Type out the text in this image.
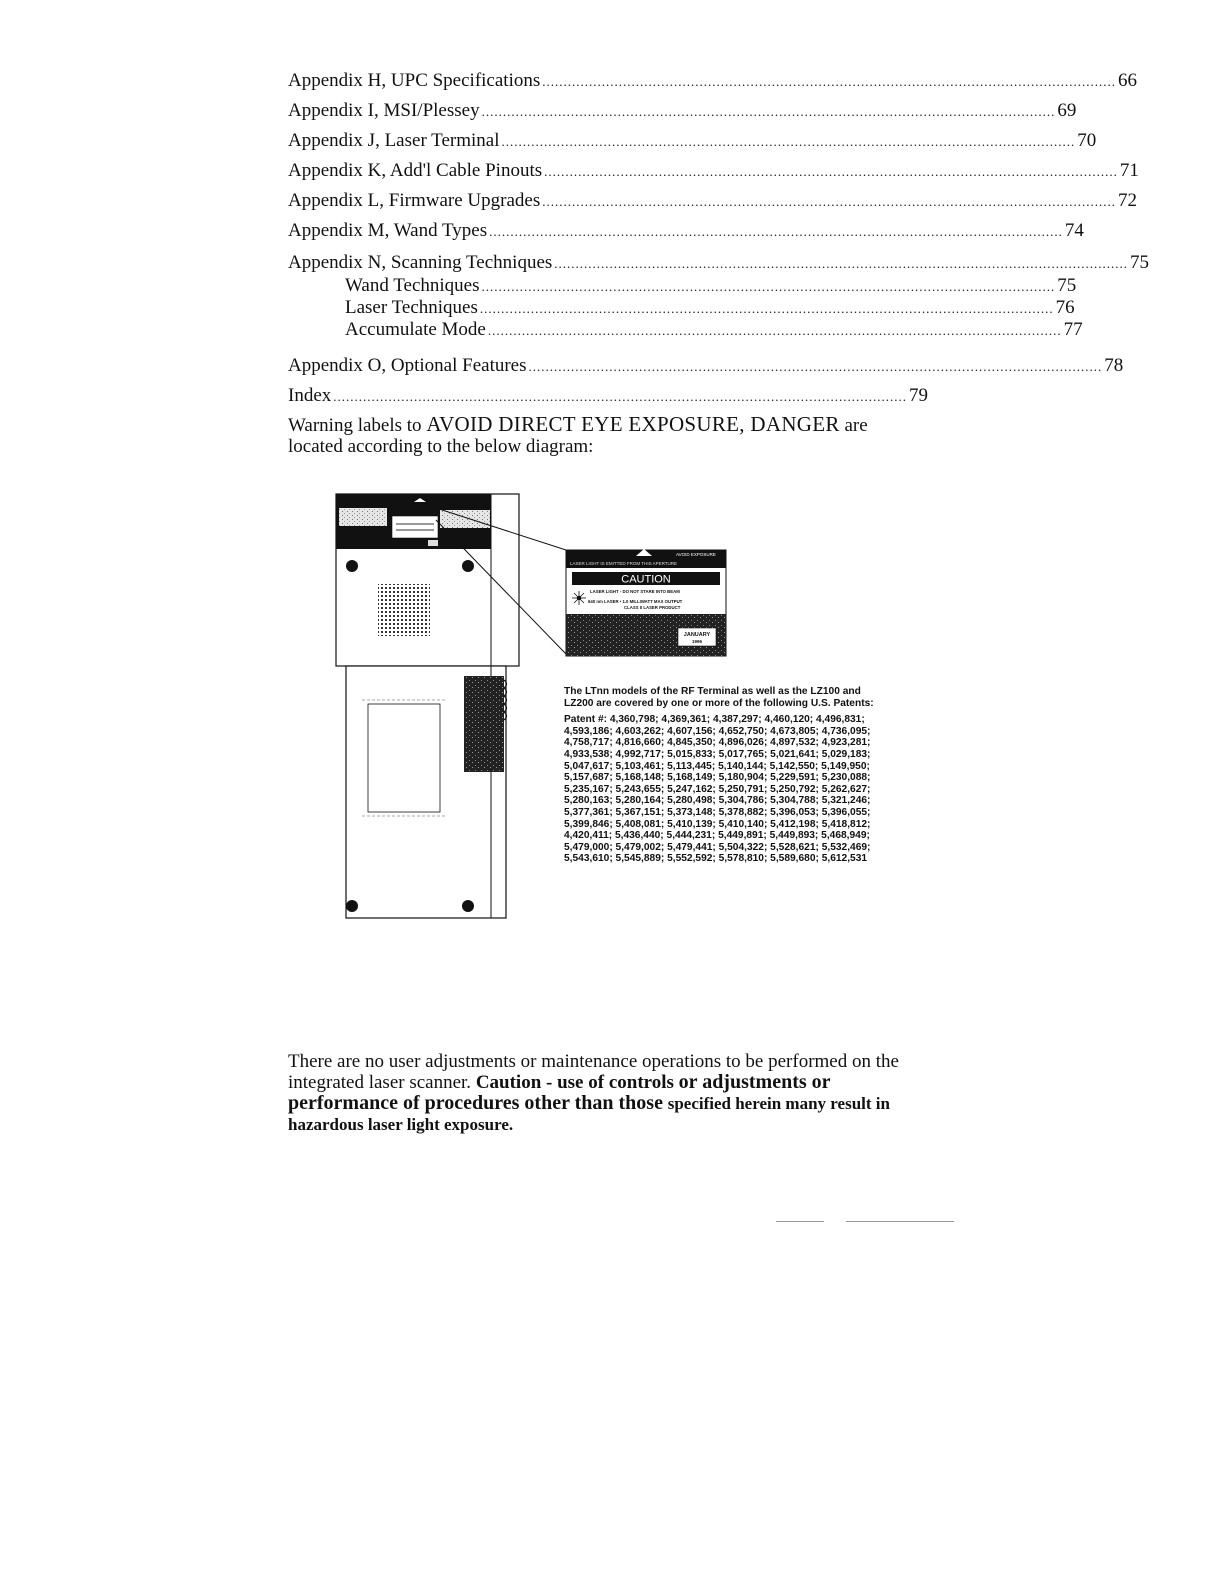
Appendix H, UPC Specifications ....................................................................................................................................... 66
Appendix I, MSI/Plessey ....................................................................................................................................... 69
Appendix J, Laser Terminal ....................................................................................................................................... 70
Appendix K, Add'l Cable Pinouts ....................................................................................................................................... 71
Appendix L, Firmware Upgrades ....................................................................................................................................... 72
Appendix M, Wand Types ....................................................................................................................................... 74
Appendix N, Scanning Techniques ....................................................................................................................................... 75
Wand Techniques ....................................................................................................................................... 75
Laser Techniques ....................................................................................................................................... 76
Accumulate Mode ....................................................................................................................................... 77
Appendix O, Optional Features ....................................................................................................................................... 78
Index ....................................................................................................................................... 79
Warning labels to AVOID DIRECT EYE EXPOSURE, DANGER are located according to the below diagram:
AVOID EXPOSURE
LASER LIGHT IS EMITTED FROM THIS APERTURE
CAUTION
LASER LIGHT - DO NOT STARE INTO BEAM
640 nm LASER • 1.0 MILLIWATT MAX OUTPUT
CLASS II LASER PRODUCT
JANUARY
1996
The LTnn models of the RF Terminal as well as the LZ100 and LZ200 are covered by one or more of the following U.S. Patents:
Patent #: 4,360,798; 4,369,361; 4,387,297; 4,460,120; 4,496,831; 4,593,186; 4,603,262; 4,607,156; 4,652,750; 4,673,805; 4,736,095; 4,758,717; 4,816,660; 4,845,350; 4,896,026; 4,897,532; 4,923,281; 4,933,538; 4,992,717; 5,015,833; 5,017,765; 5,021,641; 5,029,183; 5,047,617; 5,103,461; 5,113,445; 5,140,144; 5,142,550; 5,149,950; 5,157,687; 5,168,148; 5,168,149; 5,180,904; 5,229,591; 5,230,088; 5,235,167; 5,243,655; 5,247,162; 5,250,791; 5,250,792; 5,262,627; 5,280,163; 5,280,164; 5,280,498; 5,304,786; 5,304,788; 5,321,246; 5,377,361; 5,367,151; 5,373,148; 5,378,882; 5,396,053; 5,396,055; 5,399,846; 5,408,081; 5,410,139; 5,410,140; 5,412,198; 5,418,812; 4,420,411; 5,436,440; 5,444,231; 5,449,891; 5,449,893; 5,468,949; 5,479,000; 5,479,002; 5,479,441; 5,504,322; 5,528,621; 5,532,469; 5,543,610; 5,545,889; 5,552,592; 5,578,810; 5,589,680; 5,612,531
There are no user adjustments or maintenance operations to be performed on the integrated laser scanner. Caution - use of controls or adjustments or performance of procedures other than those specified herein many result in hazardous laser light exposure.
